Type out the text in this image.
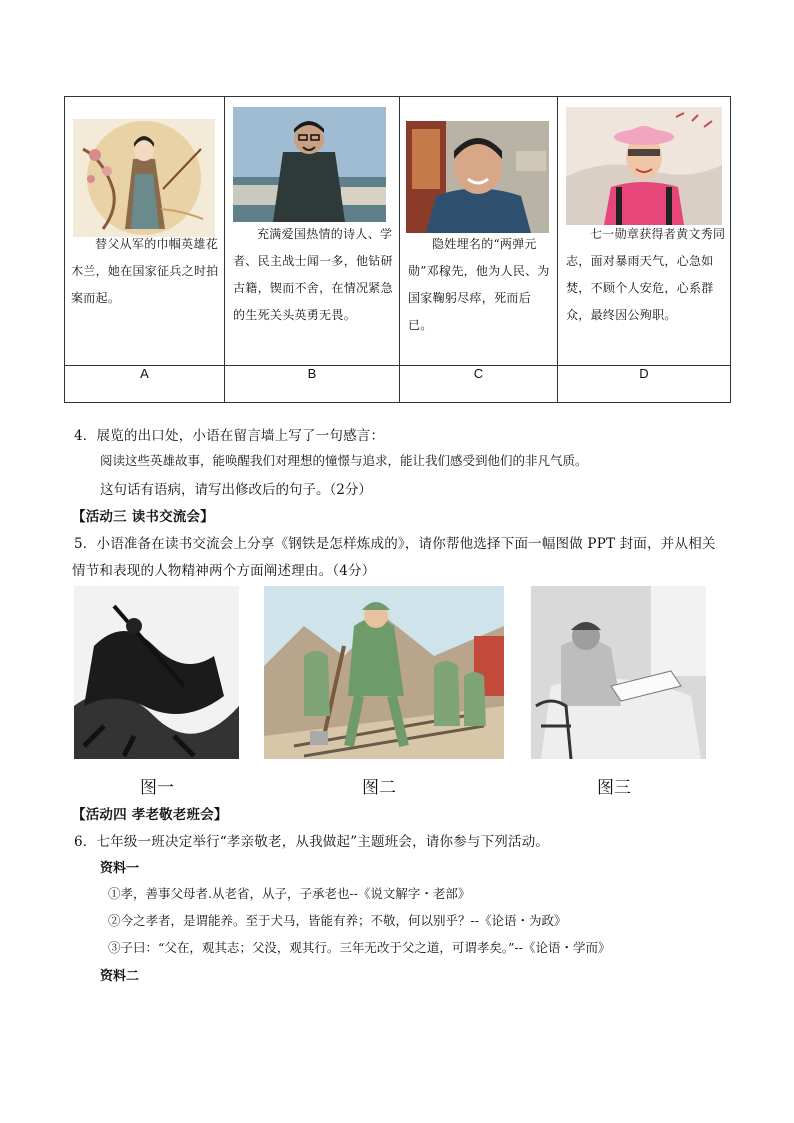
替父从军的巾帼英雄花木兰，她在国家征兵之时拍案而起。	充满爱国热情的诗人、学者、民主战士闻一多，他钻研古籍，锲而不舍，在情况紧急的生死关头英勇无畏。	隐姓埋名的“两弹元勋”邓稼先，他为人民、为国家鞠躬尽瘁，死而后已。	七一勋章获得者黄文秀同志，面对暴雨天气，心急如焚，不顾个人安危，心系群众，最终因公殉职。

A	B	C	D
4．展览的出口处，小语在留言墙上写了一句感言：
阅读这些英雄故事，能唤醒我们对理想的憧憬与追求，能让我们感受到他们的非凡气质。
这句话有语病，请写出修改后的句子。（2分）
【活动三 读书交流会】
5．小语准备在读书交流会上分享《钢铁是怎样炼成的》，请你帮他选择下面一幅图做 PPT 封面，并从相关
情节和表现的人物精神两个方面阐述理由。（4分）
图一	图二	图三
【活动四 孝老敬老班会】
6．七年级一班决定举行“孝亲敬老，从我做起”主题班会，请你参与下列活动。
资料一
①孝，善事父母者.从老省，从子，子承老也--《说文解字・老部》
②今之孝者，是谓能养。至于犬马，皆能有养；不敬，何以别乎？--《论语・为政》
③子曰：“父在，观其志；父没，观其行。三年无改于父之道，可谓孝矣。”--《论语・学而》
资料二
